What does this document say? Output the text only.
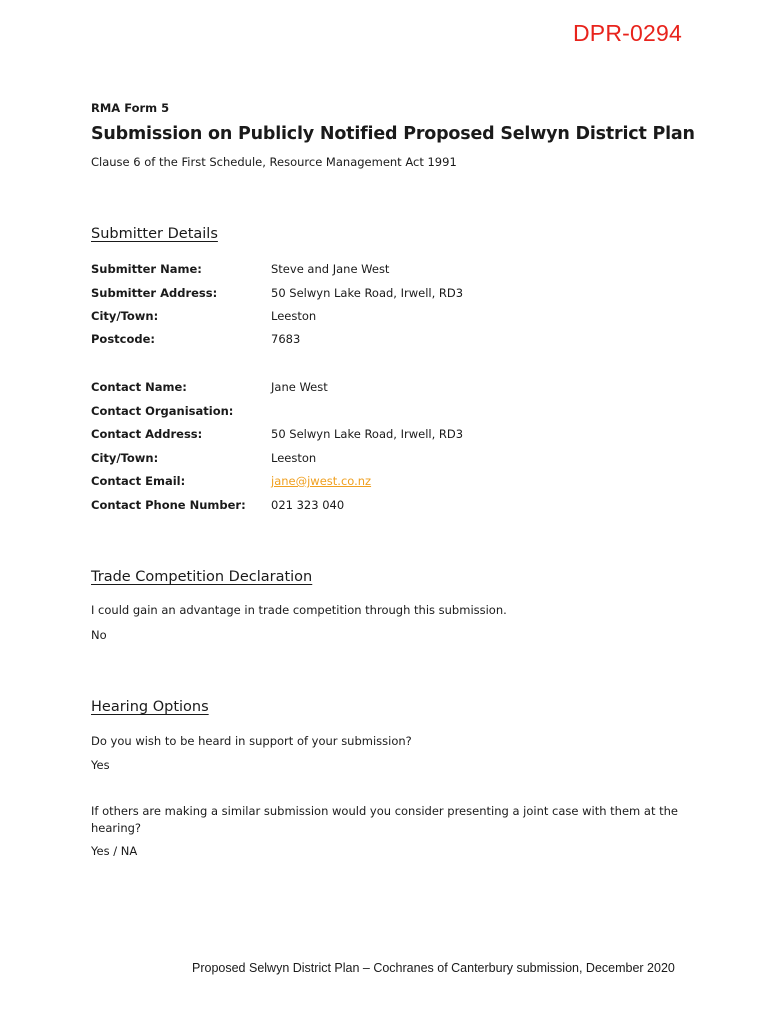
DPR-0294
RMA Form 5
Submission on Publicly Notified Proposed Selwyn District Plan
Clause 6 of the First Schedule, Resource Management Act 1991
Submitter Details
Submitter Name:	Steve and Jane West
Submitter Address:	50 Selwyn Lake Road, Irwell, RD3
City/Town:	Leeston
Postcode:	7683
Contact Name:	Jane West
Contact Organisation:
Contact Address:	50 Selwyn Lake Road, Irwell, RD3
City/Town:	Leeston
Contact Email:	jane@jwest.co.nz
Contact Phone Number: 021 323 040
Trade Competition Declaration
I could gain an advantage in trade competition through this submission.
No
Hearing Options
Do you wish to be heard in support of your submission?
Yes
If others are making a similar submission would you consider presenting a joint case with them at the hearing?
Yes / NA
Proposed Selwyn District Plan – Cochranes of Canterbury submission, December 2020
